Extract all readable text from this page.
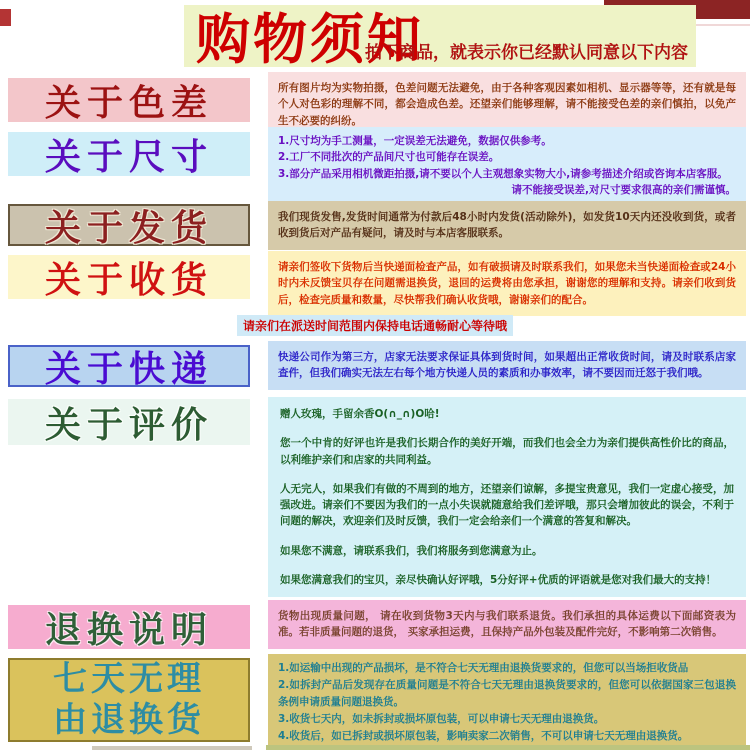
购物须知
拍下商品，就表示你已经默认同意以下内容
关于色差	所有图片均为实物拍摄，色差问题无法避免，由于各种客观因素如相机、显示器等等，还有就是每个人对色彩的理解不同，都会造成色差。还望亲们能够理解，请不能接受色差的亲们慎拍，以免产生不必要的纠纷。
关于尺寸	1.尺寸均为手工测量，一定误差无法避免，数据仅供参考。
2.工厂不同批次的产品间尺寸也可能存在误差。
3.部分产品采用相机微距拍摄,请不要以个人主观想象实物大小,请参考描述介绍或咨询本店客服。
请不能接受误差,对尺寸要求很高的亲们需谨慎。
关于发货	我们现货发售,发货时间通常为付款后48小时内发货(活动除外)，如发货10天内还没收到货，或者收到货后对产品有疑问，请及时与本店客服联系。
关于收货	请亲们签收下货物后当快递面检查产品，如有破损请及时联系我们，如果您未当快递面检查或24小时内未反馈宝贝存在问题需退换货，退回的运费将由您承担，谢谢您的理解和支持。请亲们收到货后，检查完质量和数量，尽快帮我们确认收货哦，谢谢亲们的配合。
请亲们在派送时间范围内保持电话通畅耐心等待哦
关于快递	快递公司作为第三方，店家无法要求保证具体到货时间，如果超出正常收货时间，请及时联系店家查件，但我们确实无法左右每个地方快递人员的素质和办事效率，请不要因而迁怒于我们哦。
关于评价	赠人玫瑰，手留余香O(∩_∩)O哈!

您一个中肯的好评也许是我们长期合作的美好开端，而我们也会全力为亲们提供高性价比的商品，以利维护亲们和店家的共同利益。

人无完人，如果我们有做的不周到的地方，还望亲们谅解，多提宝贵意见，我们一定虚心接受，加强改进。请亲们不要因为我们的一点小失误就随意给我们差评哦，那只会增加彼此的误会，不利于问题的解决，欢迎亲们及时反馈，我们一定会给亲们一个满意的答复和解决。

如果您不满意，请联系我们，我们将服务到您满意为止。

如果您满意我们的宝贝，亲尽快确认好评哦，5分好评+优质的评语就是您对我们最大的支持！

退换说明	货物出现质量问题， 请在收到货物3天内与我们联系退货。我们承担的具体运费以下面邮资表为准。若非质量问题的退货， 买家承担运费，且保持产品外包装及配件完好，不影响第二次销售。
七天无理
由退换货
1.如运输中出现的产品损坏，是不符合七天无理由退换货要求的，但您可以当场拒收货品
2.如拆封产品后发现存在质量问题是不符合七天无理由退换货要求的，但您可以依据国家三包退换条例申请质量问题退换货。
3.收货七天内，如未拆封或损坏原包装，可以申请七天无理由退换货。
4.收货后，如已拆封或损坏原包装，影响卖家二次销售，不可以申请七天无理由退换货。
